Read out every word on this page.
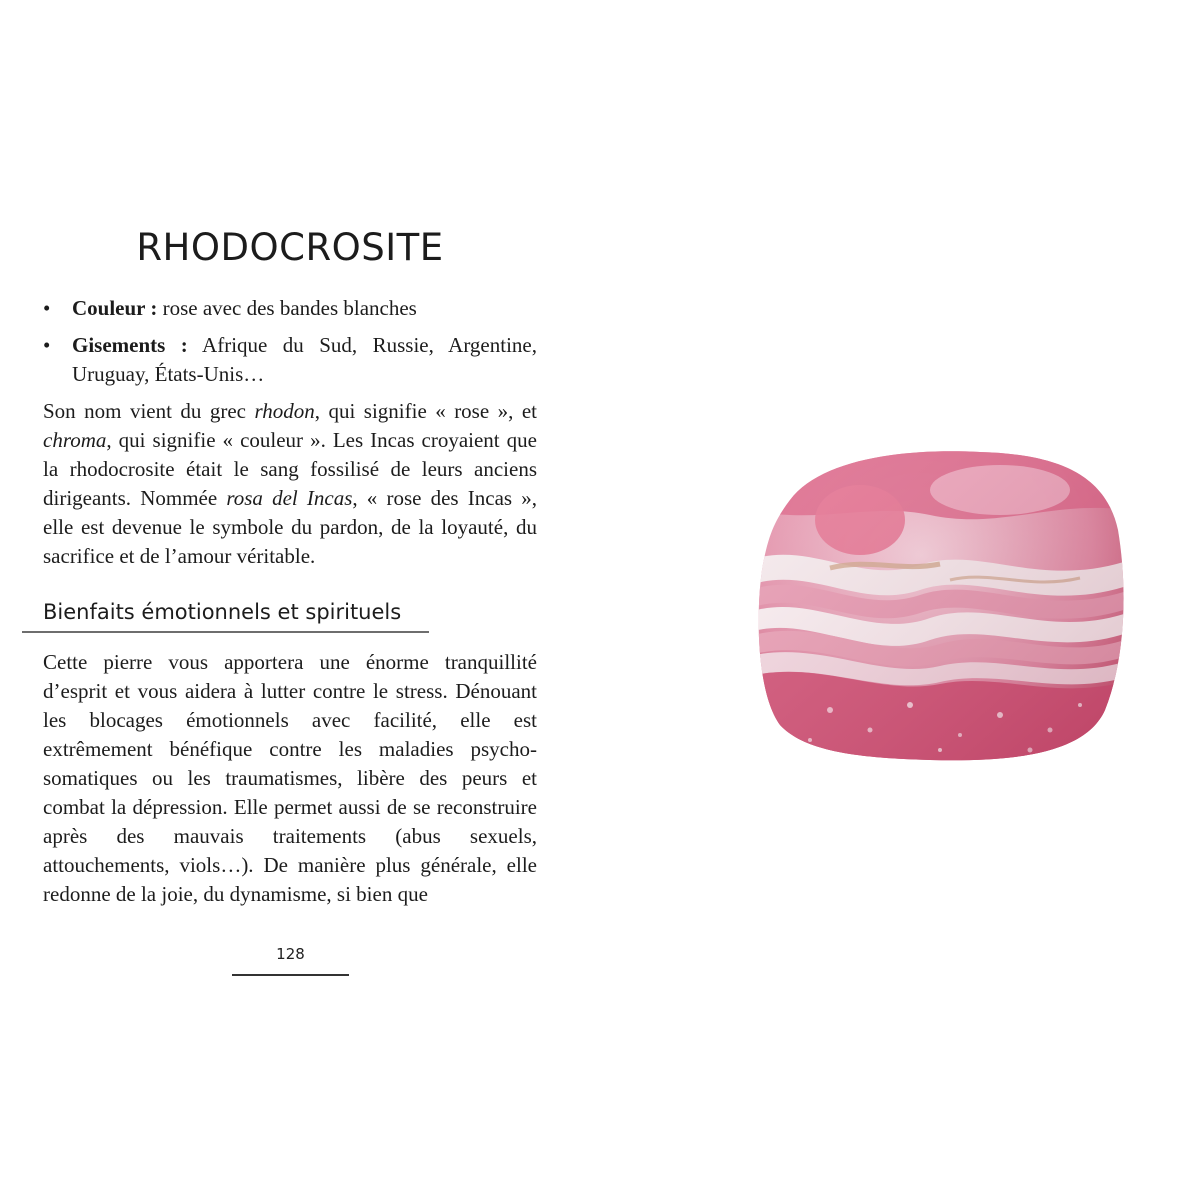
RHODOCROSITE
• Couleur : rose avec des bandes blanches
• Gisements : Afrique du Sud, Russie, Argentine, Uruguay, États-Unis…

Son nom vient du grec rhodon, qui signifie « rose », et chroma, qui signifie « couleur ». Les Incas croyaient que la rhodocrosite était le sang fossilisé de leurs anciens dirigeants. Nommée rosa del Incas, « rose des Incas », elle est devenue le symbole du pardon, de la loyauté, du sacrifice et de l’amour véritable.

Bienfaits émotionnels et spirituels

Cette pierre vous apportera une énorme tranquillité d’esprit et vous aidera à lutter contre le stress. Dénouant les blocages émotionnels avec facilité, elle est extrêmement bénéfique contre les maladies psychosomatiques ou les traumatismes, libère des peurs et combat la dépression. Elle permet aussi de se reconstruire après des mauvais traitements (abus sexuels, attouchements, viols…). De manière plus générale, elle redonne de la joie, du dynamisme, si bien que

128
